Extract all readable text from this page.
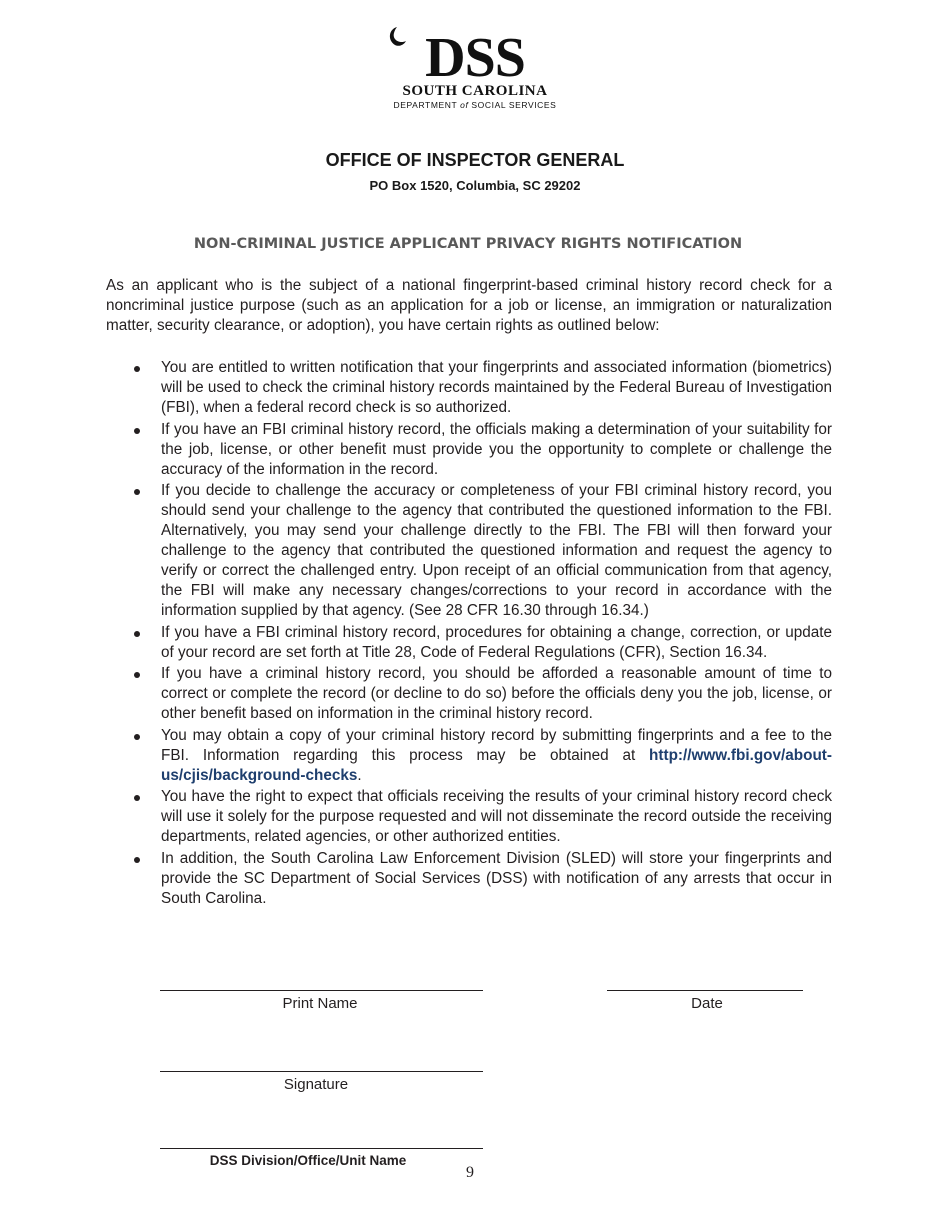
DSS
SOUTH CAROLINA
DEPARTMENT of SOCIAL SERVICES
OFFICE OF INSPECTOR GENERAL
PO Box 1520, Columbia, SC 29202
NON-CRIMINAL JUSTICE APPLICANT PRIVACY RIGHTS NOTIFICATION

As an applicant who is the subject of a national fingerprint-based criminal history record check for a noncriminal justice purpose (such as an application for a job or license, an immigration or naturalization matter, security clearance, or adoption), you have certain rights as outlined below:

You are entitled to written notification that your fingerprints and associated information (biometrics) will be used to check the criminal history records maintained by the Federal Bureau of Investigation (FBI), when a federal record check is so authorized.
If you have an FBI criminal history record, the officials making a determination of your suitability for the job, license, or other benefit must provide you the opportunity to complete or challenge the accuracy of the information in the record.
If you decide to challenge the accuracy or completeness of your FBI criminal history record, you should send your challenge to the agency that contributed the questioned information to the FBI. Alternatively, you may send your challenge directly to the FBI. The FBI will then forward your challenge to the agency that contributed the questioned information and request the agency to verify or correct the challenged entry. Upon receipt of an official communication from that agency, the FBI will make any necessary changes/corrections to your record in accordance with the information supplied by that agency. (See 28 CFR 16.30 through 16.34.)
If you have a FBI criminal history record, procedures for obtaining a change, correction, or update of your record are set forth at Title 28, Code of Federal Regulations (CFR), Section 16.34.
If you have a criminal history record, you should be afforded a reasonable amount of time to correct or complete the record (or decline to do so) before the officials deny you the job, license, or other benefit based on information in the criminal history record.
You may obtain a copy of your criminal history record by submitting fingerprints and a fee to the FBI. Information regarding this process may be obtained at http://www.fbi.gov/about-us/cjis/background-checks.
You have the right to expect that officials receiving the results of your criminal history record check will use it solely for the purpose requested and will not disseminate the record outside the receiving departments, related agencies, or other authorized entities.
In addition, the South Carolina Law Enforcement Division (SLED) will store your fingerprints and provide the SC Department of Social Services (DSS) with notification of any arrests that occur in South Carolina.
Print Name	Date
Signature
DSS Division/Office/Unit Name
9
